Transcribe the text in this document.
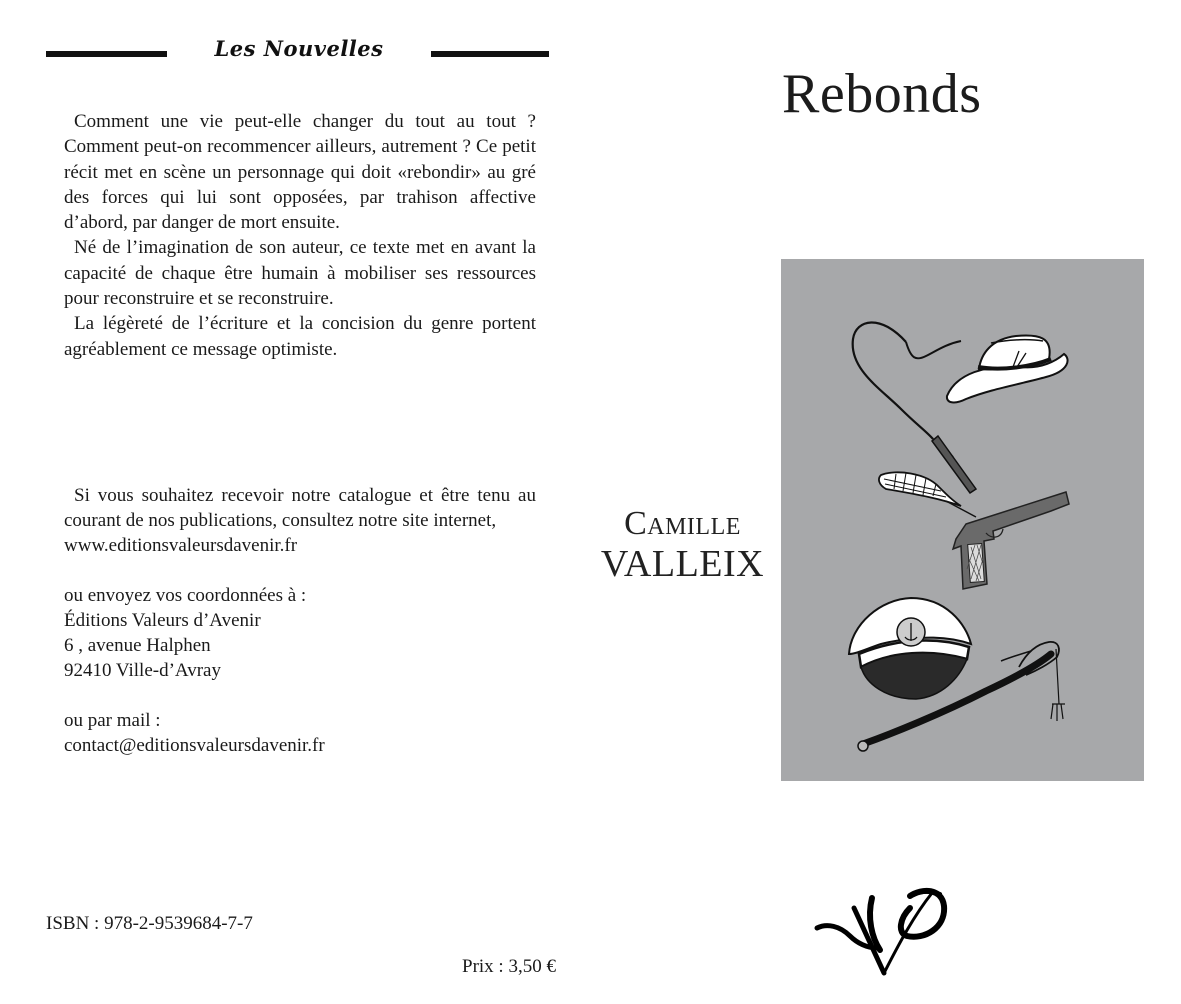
Les Nouvelles

Comment une vie peut-elle changer du tout au tout ? Comment peut-on recommencer ailleurs, autrement ? Ce petit récit met en scène un personnage qui doit «rebondir» au gré des forces qui lui sont opposées, par trahison affective d’abord, par danger de mort ensuite.

Né de l’imagination de son auteur, ce texte met en avant la capacité de chaque être humain à mobiliser ses ressources pour reconstruire et se reconstruire.

La légèreté de l’écriture et la concision du genre portent agréablement ce message optimiste.

Si vous souhaitez recevoir notre catalogue et être tenu au courant de nos publications, consultez notre site internet,

www.editionsvaleursdavenir.fr
ou envoyez vos coordonnées à :
Éditions Valeurs d’Avenir
6 , avenue Halphen
92410 Ville-d’Avray
ou par mail :
contact@editionsvaleursdavenir.fr
ISBN : 978-2-9539684-7-7
Prix : 3,50 €
Rebonds
Camille
VALLEIX
